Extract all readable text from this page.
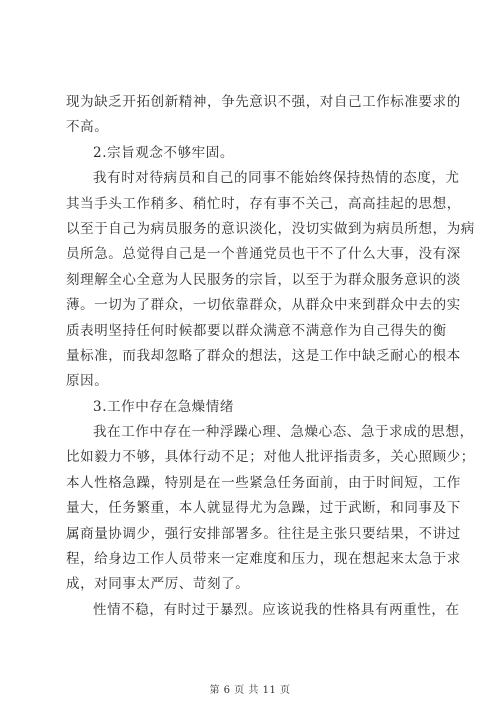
现为缺乏开拓创新精神，争先意识不强，对自己工作标准要求的
不高。
2.宗旨观念不够牢固。
我有时对待病员和自己的同事不能始终保持热情的态度，尤
其当手头工作稍多、稍忙时，存有事不关己，高高挂起的思想，
以至于自己为病员服务的意识淡化，没切实做到为病员所想，为病
员所急。总觉得自己是一个普通党员也干不了什么大事，没有深
刻理解全心全意为人民服务的宗旨，以至于为群众服务意识的淡
薄。一切为了群众，一切依靠群众，从群众中来到群众中去的实
质表明坚持任何时候都要以群众满意不满意作为自己得失的衡
量标准，而我却忽略了群众的想法，这是工作中缺乏耐心的根本
原因。
3.工作中存在急燥情绪
我在工作中存在一种浮躁心理、急燥心态、急于求成的思想，
比如毅力不够，具体行动不足；对他人批评指责多，关心照顾少；
本人性格急躁，特别是在一些紧急任务面前，由于时间短，工作
量大，任务繁重，本人就显得尤为急躁，过于武断，和同事及下
属商量协调少，强行安排部署多。往往是主张只要结果，不讲过
程，给身边工作人员带来一定难度和压力，现在想起来太急于求
成，对同事太严厉、苛刻了。
性情不稳，有时过于暴烈。应该说我的性格具有两重性，在
第 6 页 共 11 页
